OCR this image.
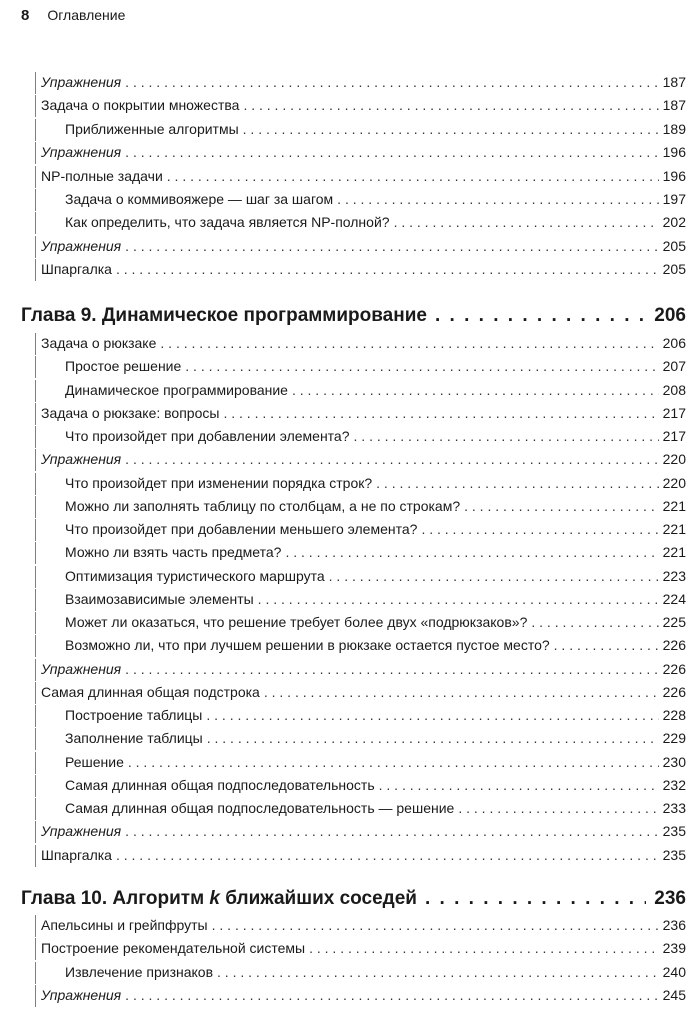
8 Оглавление
Упражнения . . .	187
Задача о покрытии множества . . .	187
Приближенные алгоритмы . . .	189
Упражнения . . .	196
NP-полные задачи . . .	196
Задача о коммивояжере — шаг за шагом . . .	197
Как определить, что задача является NP-полной? . . .	202
Упражнения . . .	205
Шпаргалка . . .	205
Глава 9. Динамическое программирование . . .	206
Задача о рюкзаке . . .	206
Простое решение . . .	207
Динамическое программирование . . .	208
Задача о рюкзаке: вопросы . . .	217
Что произойдет при добавлении элемента? . . .	217
Упражнения . . .	220
Что произойдет при изменении порядка строк? . . .	220
Можно ли заполнять таблицу по столбцам, а не по строкам? . . .	221
Что произойдет при добавлении меньшего элемента? . . .	221
Можно ли взять часть предмета? . . .	221
Оптимизация туристического маршрута . . .	223
Взаимозависимые элементы . . .	224
Может ли оказаться, что решение требует более двух «подрюкзаков»? . . .	225
Возможно ли, что при лучшем решении в рюкзаке остается пустое место? . . .	226
Упражнения . . .	226
Самая длинная общая подстрока . . .	226
Построение таблицы . . .	228
Заполнение таблицы . . .	229
Решение . . .	230
Самая длинная общая подпоследовательность . . .	232
Самая длинная общая подпоследовательность — решение . . .	233
Упражнения . . .	235
Шпаргалка . . .	235
Глава 10. Алгоритм k ближайших соседей . . .	236
Апельсины и грейпфруты . . .	236
Построение рекомендательной системы . . .	239
Извлечение признаков . . .	240
Упражнения . . .	245
